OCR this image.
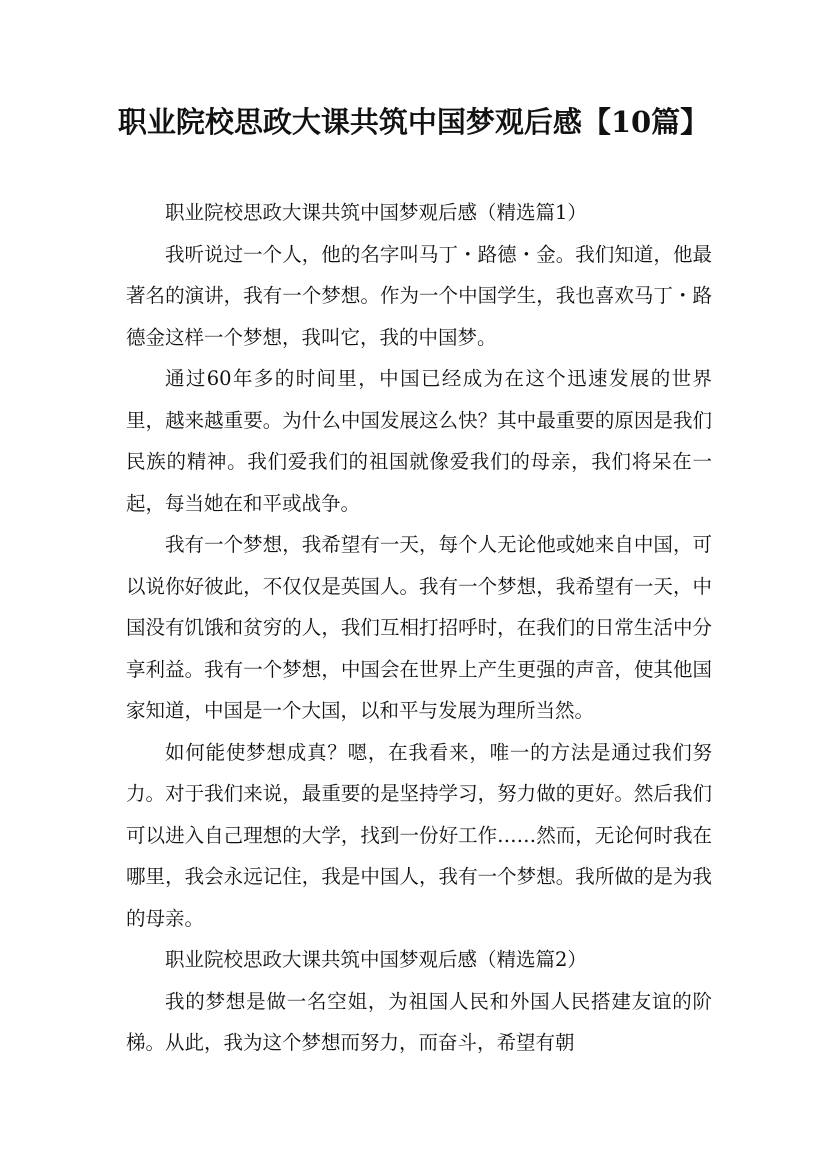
职业院校思政大课共筑中国梦观后感【10篇】

职业院校思政大课共筑中国梦观后感（精选篇1）

我听说过一个人，他的名字叫马丁・路德・金。我们知道，他最著名的演讲，我有一个梦想。作为一个中国学生，我也喜欢马丁・路德金这样一个梦想，我叫它，我的中国梦。

通过60年多的时间里，中国已经成为在这个迅速发展的世界里，越来越重要。为什么中国发展这么快？其中最重要的原因是我们民族的精神。我们爱我们的祖国就像爱我们的母亲，我们将呆在一起，每当她在和平或战争。

我有一个梦想，我希望有一天，每个人无论他或她来自中国，可以说你好彼此，不仅仅是英国人。我有一个梦想，我希望有一天，中国没有饥饿和贫穷的人，我们互相打招呼时，在我们的日常生活中分享利益。我有一个梦想，中国会在世界上产生更强的声音，使其他国家知道，中国是一个大国，以和平与发展为理所当然。

如何能使梦想成真？嗯，在我看来，唯一的方法是通过我们努力。对于我们来说，最重要的是坚持学习，努力做的更好。然后我们可以进入自己理想的大学，找到一份好工作……然而，无论何时我在哪里，我会永远记住，我是中国人，我有一个梦想。我所做的是为我的母亲。

职业院校思政大课共筑中国梦观后感（精选篇2）

我的梦想是做一名空姐，为祖国人民和外国人民搭建友谊的阶梯。从此，我为这个梦想而努力，而奋斗，希望有朝
